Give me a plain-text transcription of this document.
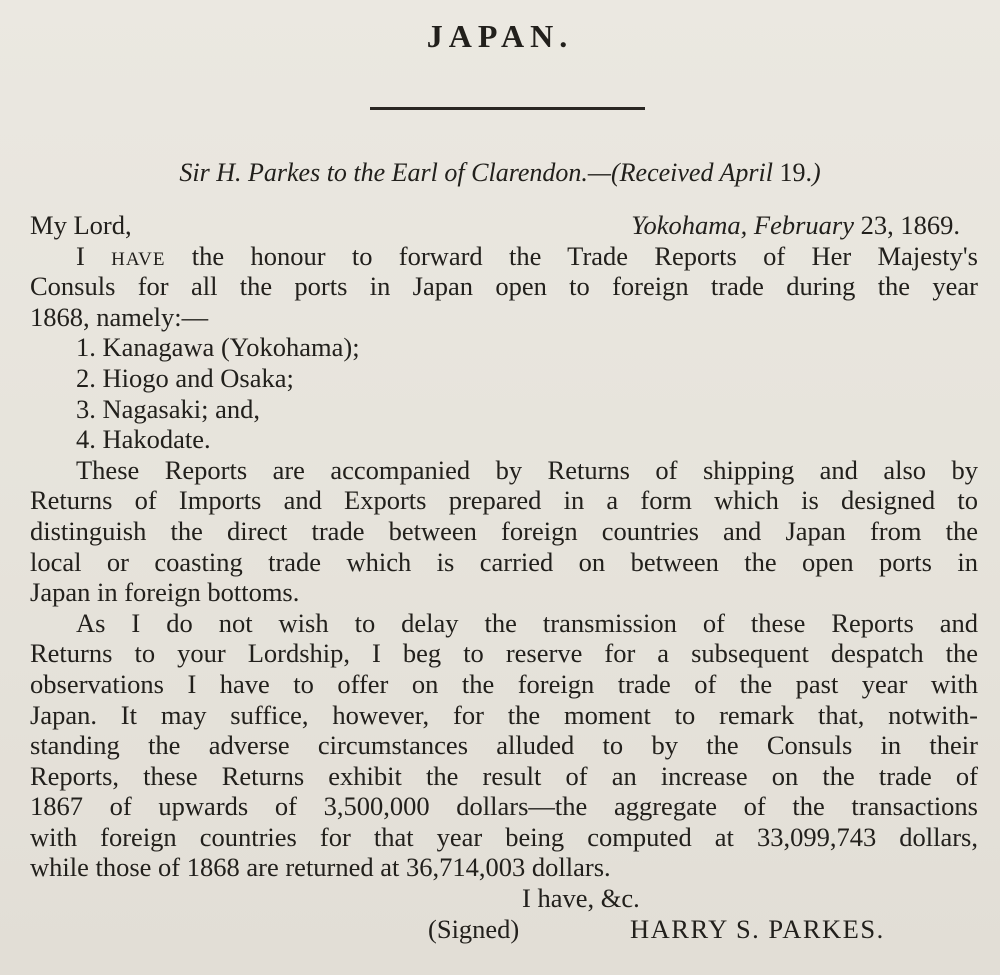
JAPAN.
Sir H. Parkes to the Earl of Clarendon.—(Received April 19.)
My Lord,	Yokohama, February 23, 1869.
I have the honour to forward the Trade Reports of Her Majesty's
Consuls for all the ports in Japan open to foreign trade during the year
1868, namely:—
1. Kanagawa (Yokohama);
2. Hiogo and Osaka;
3. Nagasaki; and,
4. Hakodate.
These Reports are accompanied by Returns of shipping and also by
Returns of Imports and Exports prepared in a form which is designed to
distinguish the direct trade between foreign countries and Japan from the
local or coasting trade which is carried on between the open ports in
Japan in foreign bottoms.
As I do not wish to delay the transmission of these Reports and
Returns to your Lordship, I beg to reserve for a subsequent despatch the
observations I have to offer on the foreign trade of the past year with
Japan. It may suffice, however, for the moment to remark that, notwith-
standing the adverse circumstances alluded to by the Consuls in their
Reports, these Returns exhibit the result of an increase on the trade of
1867 of upwards of 3,500,000 dollars—the aggregate of the transactions
with foreign countries for that year being computed at 33,099,743 dollars,
while those of 1868 are returned at 36,714,003 dollars.
I have, &c.
(Signed)	HARRY S. PARKES.
